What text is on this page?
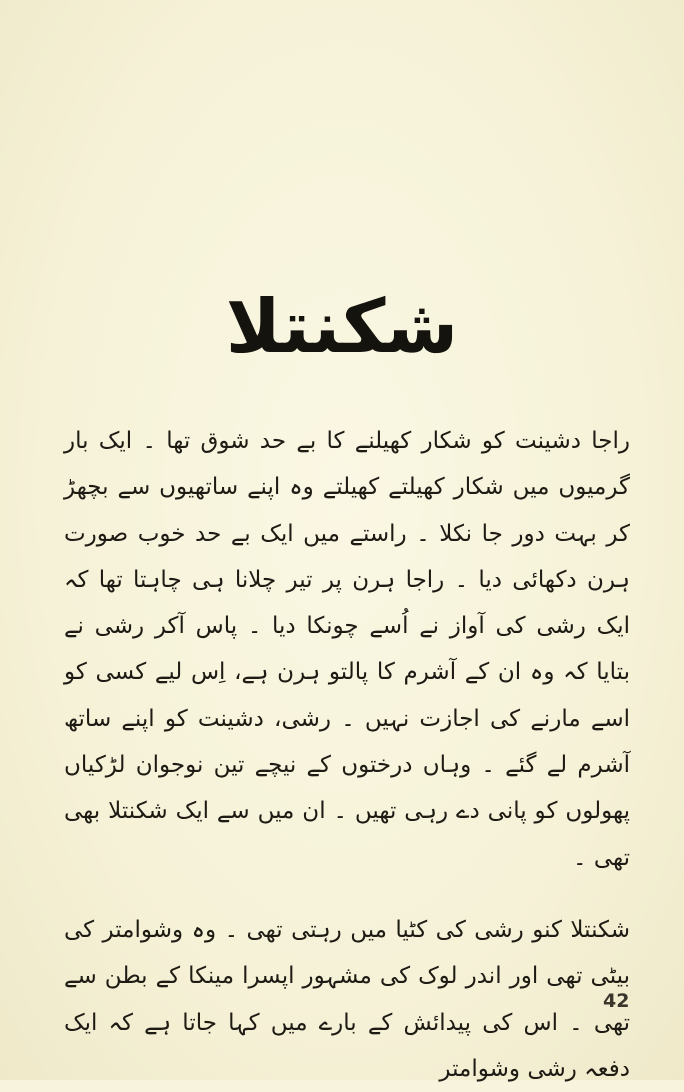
شکنتلا

راجا دشینت کو شکار کھیلنے کا بے حد شوق تھا ۔ ایک بار گرمیوں میں شکار کھیلتے کھیلتے وہ اپنے ساتھیوں سے بچھڑ کر بہت دور جا نکلا ۔ راستے میں ایک بے حد خوب صورت ہرن دکھائی دیا ۔ راجا ہرن پر تیر چلانا ہی چاہتا تھا کہ ایک رشی کی آواز نے اُسے چونکا دیا ۔ پاس آکر رشی نے بتایا کہ وہ ان کے آشرم کا پالتو ہرن ہے، اِس لیے کسی کو اسے مارنے کی اجازت نہیں ۔ رشی، دشینت کو اپنے ساتھ آشرم لے گئے ۔ وہاں درختوں کے نیچے تین نوجوان لڑکیاں پھولوں کو پانی دے رہی تھیں ۔ ان میں سے ایک شکنتلا بھی تھی ۔

شکنتلا کنو رشی کی کٹیا میں رہتی تھی ۔ وہ وشوامتر کی بیٹی تھی اور اندر لوک کی مشہور اپسرا مینکا کے بطن سے تھی ۔ اس کی پیدائش کے بارے میں کہا جاتا ہے کہ ایک دفعہ رشی وشوامتر

42
